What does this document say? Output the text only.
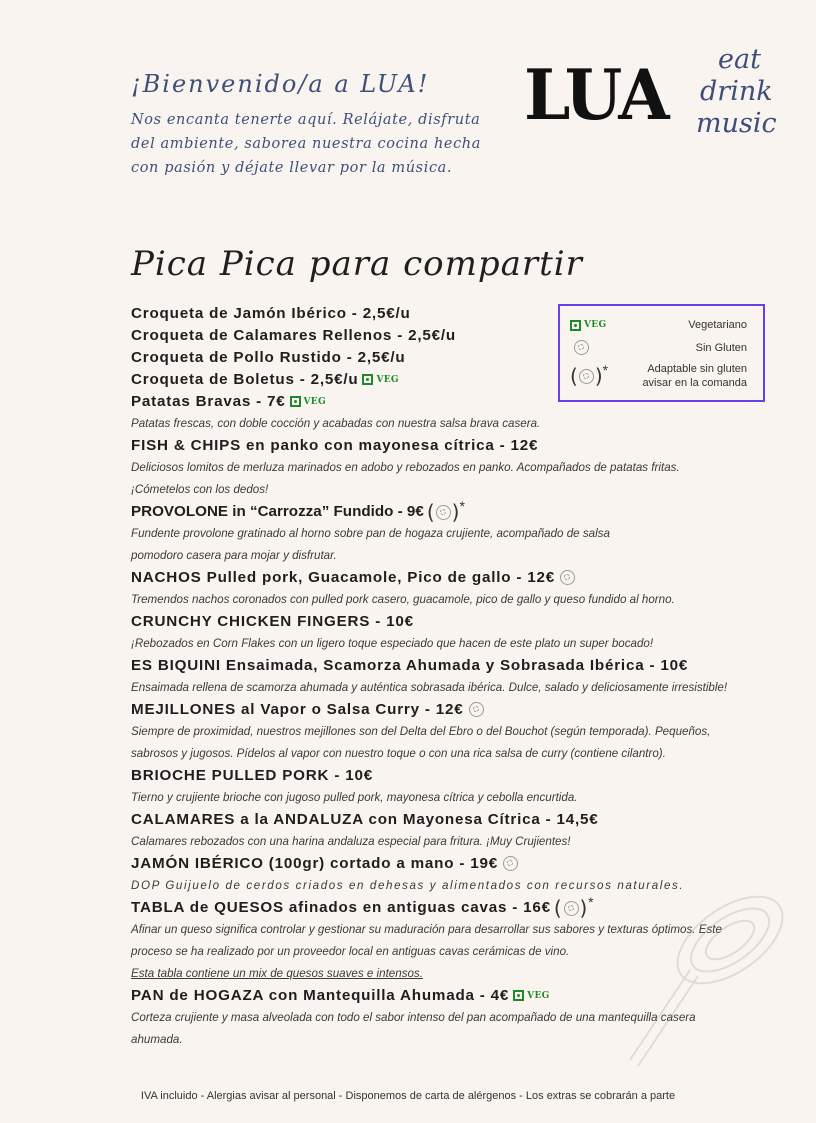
¡Bienvenido/a a LUA!

Nos encanta tenerte aquí. Relájate, disfruta del ambiente, saborea nuestra cocina hecha con pasión y déjate llevar por la música.

LUA eat
drink
music
Pica Pica para compartir
VEG	Vegetariano
Sin Gluten
( ) *	Adaptable sin gluten
avisar en la comanda
Croqueta de Jamón Ibérico - 2,5€/u
Croqueta de Calamares Rellenos - 2,5€/u
Croqueta de Pollo Rustido - 2,5€/u
Croqueta de Boletus - 2,5€/u VEG
Patatas Bravas - 7€ VEG
Patatas frescas, con doble cocción y acabadas con nuestra salsa brava casera.
FISH & CHIPS en panko con mayonesa cítrica - 12€
Deliciosos lomitos de merluza marinados en adobo y rebozados en panko. Acompañados de patatas fritas.
¡Cómetelos con los dedos!
PROVOLONE in “Carrozza” Fundido - 9€ ( ) *
Fundente provolone gratinado al horno sobre pan de hogaza crujiente, acompañado de salsa
pomodoro casera para mojar y disfrutar.
NACHOS Pulled pork, Guacamole, Pico de gallo - 12€
Tremendos nachos coronados con pulled pork casero, guacamole, pico de gallo y queso fundido al horno.
CRUNCHY CHICKEN FINGERS - 10€
¡Rebozados en Corn Flakes con un ligero toque especiado que hacen de este plato un super bocado!
ES BIQUINI Ensaimada, Scamorza Ahumada y Sobrasada Ibérica - 10€
Ensaimada rellena de scamorza ahumada y auténtica sobrasada ibérica. Dulce, salado y deliciosamente irresistible!
MEJILLONES al Vapor o Salsa Curry - 12€
Siempre de proximidad, nuestros mejillones son del Delta del Ebro o del Bouchot (según temporada). Pequeños,
sabrosos y jugosos. Pídelos al vapor con nuestro toque o con una rica salsa de curry (contiene cilantro).
BRIOCHE PULLED PORK - 10€
Tierno y crujiente brioche con jugoso pulled pork, mayonesa cítrica y cebolla encurtida.
CALAMARES a la ANDALUZA con Mayonesa Cítrica - 14,5€
Calamares rebozados con una harina andaluza especial para fritura. ¡Muy Crujientes!
JAMÓN IBÉRICO (100gr) cortado a mano - 19€
DOP Guijuelo de cerdos criados en dehesas y alimentados con recursos naturales.
TABLA de QUESOS afinados en antiguas cavas - 16€ ( ) *
Afinar un queso significa controlar y gestionar su maduración para desarrollar sus sabores y texturas óptimos. Este
proceso se ha realizado por un proveedor local en antiguas cavas cerámicas de vino.
Esta tabla contiene un mix de quesos suaves e intensos.
PAN de HOGAZA con Mantequilla Ahumada - 4€ VEG
Corteza crujiente y masa alveolada con todo el sabor intenso del pan acompañado de una mantequilla casera
ahumada.
IVA incluido - Alergias avisar al personal - Disponemos de carta de alérgenos - Los extras se cobrarán a parte
